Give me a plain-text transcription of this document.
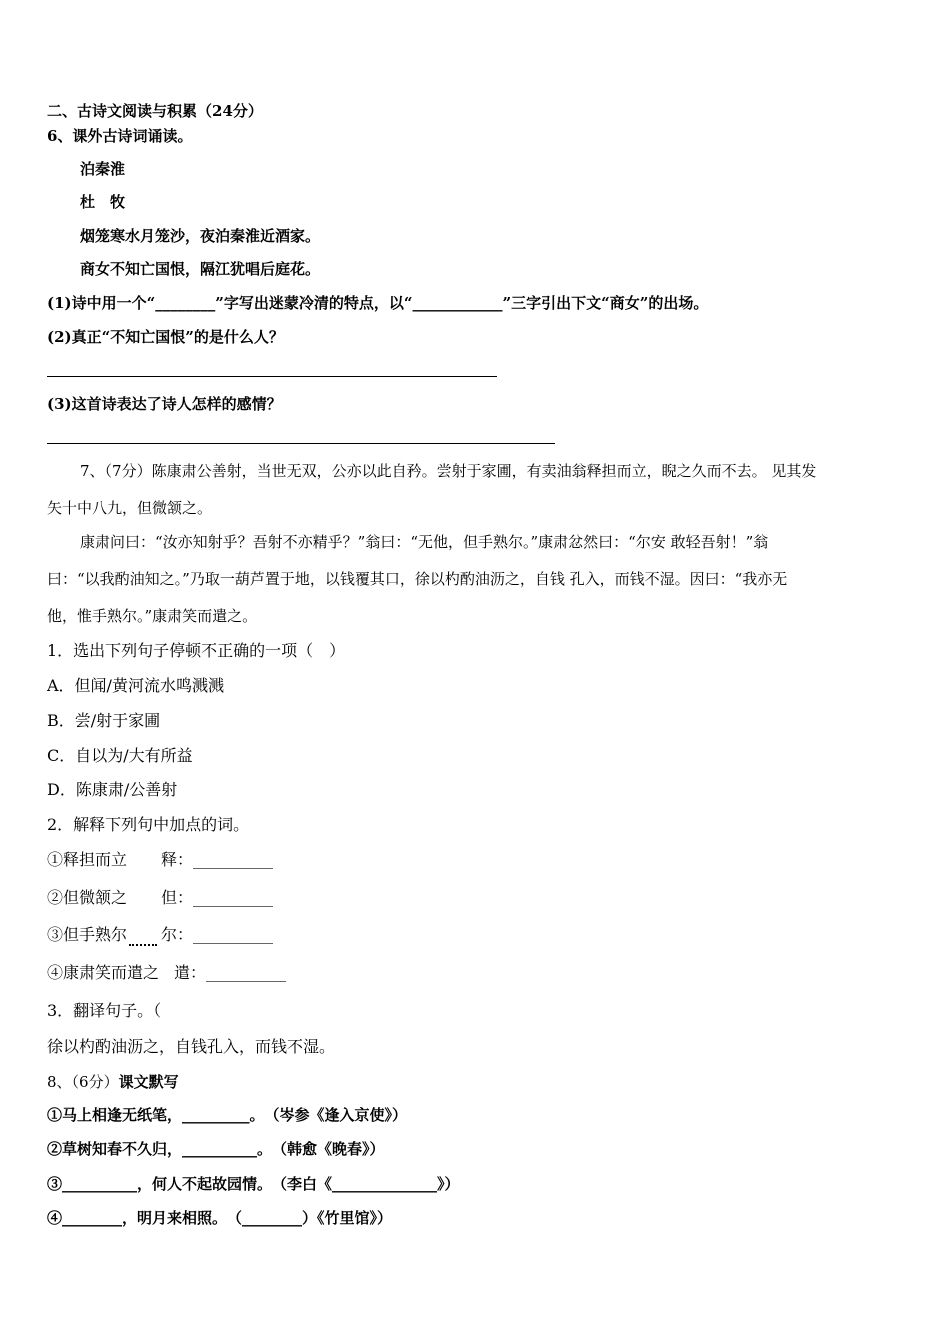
二、古诗文阅读与积累（24分）
6、课外古诗词诵读。
泊秦淮
杜　牧
烟笼寒水月笼沙，夜泊秦淮近酒家。
商女不知亡国恨，隔江犹唱后庭花。
(1)诗中用一个“________”字写出迷蒙冷清的特点，以“____________”三字引出下文“商女”的出场。
(2)真正“不知亡国恨”的是什么人？
(3)这首诗表达了诗人怎样的感情？
7、（7分）陈康肃公善射，当世无双，公亦以此自矜。尝射于家圃，有卖油翁释担而立，睨之久而不去。 见其发
矢十中八九，但微颔之。
康肃问曰：“汝亦知射乎？吾射不亦精乎？”翁曰：“无他，但手熟尔。”康肃忿然曰：“尔安 敢轻吾射！”翁
曰：“以我酌油知之。”乃取一葫芦置于地，以钱覆其口，徐以杓酌油沥之，自钱 孔入，而钱不湿。因曰：“我亦无
他，惟手熟尔。”康肃笑而遣之。
1．选出下列句子停顿不正确的一项（　）
A．但闻/黄河流水鸣溅溅
B．尝/射于家圃
C．自以为/大有所益
D．陈康肃/公善射
2．解释下列句中加点的词。
①释担而立 释：__________
②但微颔之 但：__________
③但手熟尔 尔：__________
④康肃笑而遣之 遣：__________
3．翻译句子。（
徐以杓酌油沥之，自钱孔入，而钱不湿。
8、（6分）课文默写
①马上相逢无纸笔，_________。　（岑参《逢入京使》）
②草树知春不久归，__________。　（韩愈《晚春》）
③__________，何人不起故园情。　（李白《______________》）
④________，明月来相照。　（________）《竹里馆》）
